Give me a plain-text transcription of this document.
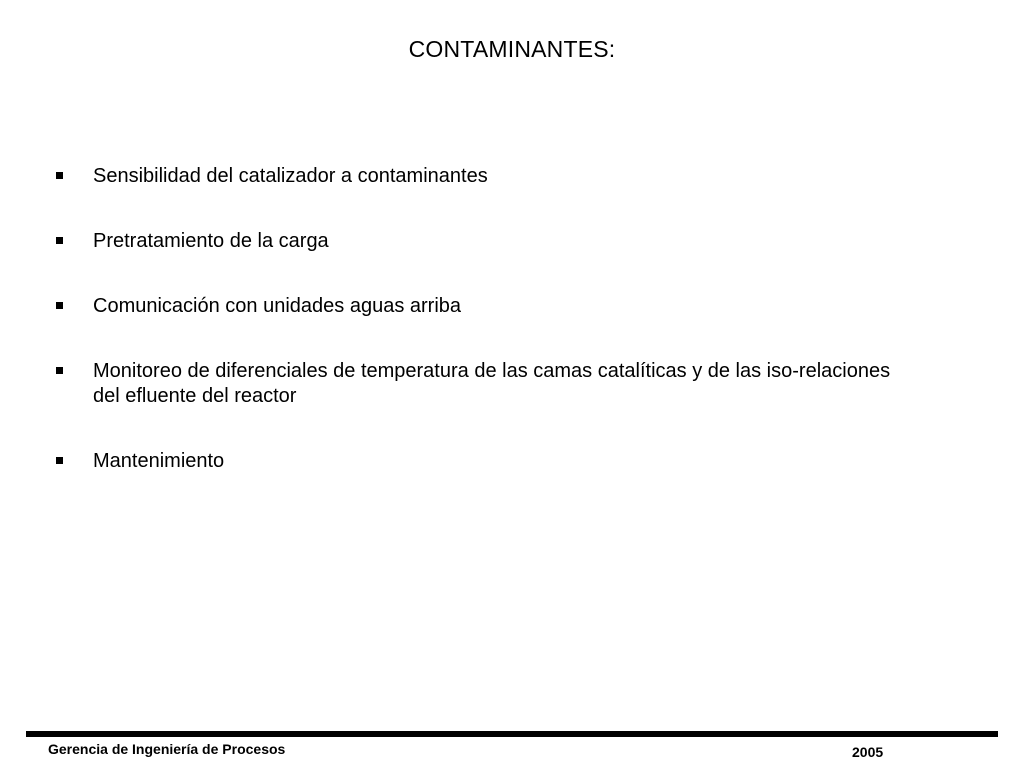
CONTAMINANTES:
Sensibilidad del catalizador a contaminantes
Pretratamiento de la carga
Comunicación con unidades aguas arriba
Monitoreo de diferenciales de temperatura de las camas catalíticas y de las iso-relaciones del efluente del reactor
Mantenimiento
Gerencia de Ingeniería de Procesos	2005
